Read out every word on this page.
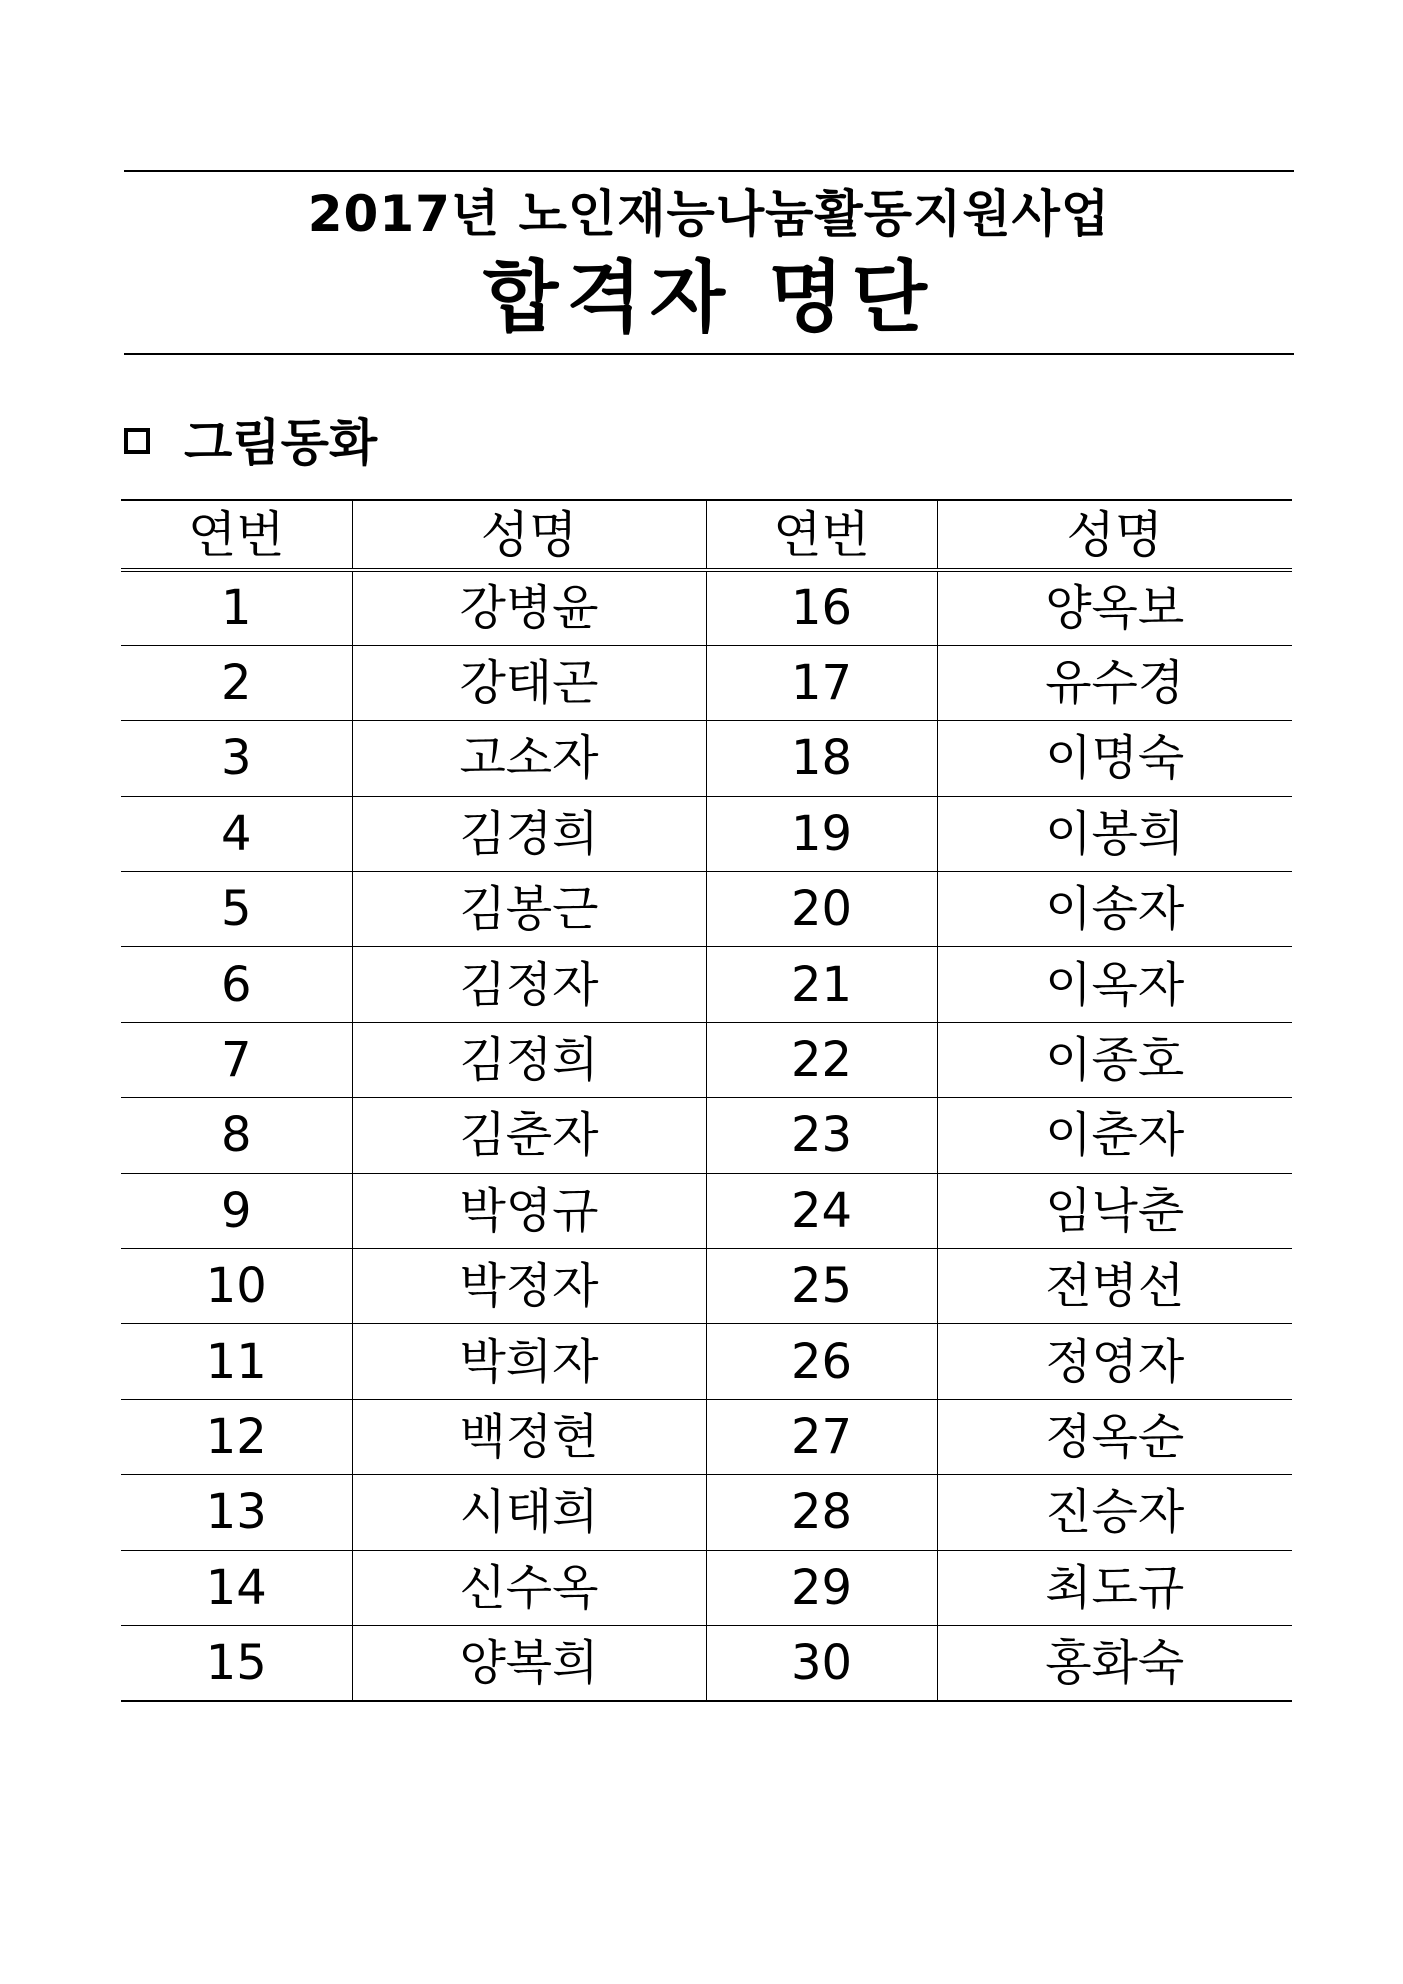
2017년 노인재능나눔활동지원사업
합격자 명단
그림동화
연번	성명	연번	성명
1	강병윤	16	양옥보
2	강태곤	17	유수경
3	고소자	18	이명숙
4	김경희	19	이봉희
5	김봉근	20	이송자
6	김정자	21	이옥자
7	김정희	22	이종호
8	김춘자	23	이춘자
9	박영규	24	임낙춘
10	박정자	25	전병선
11	박희자	26	정영자
12	백정현	27	정옥순
13	시태희	28	진승자
14	신수옥	29	최도규
15	양복희	30	홍화숙
